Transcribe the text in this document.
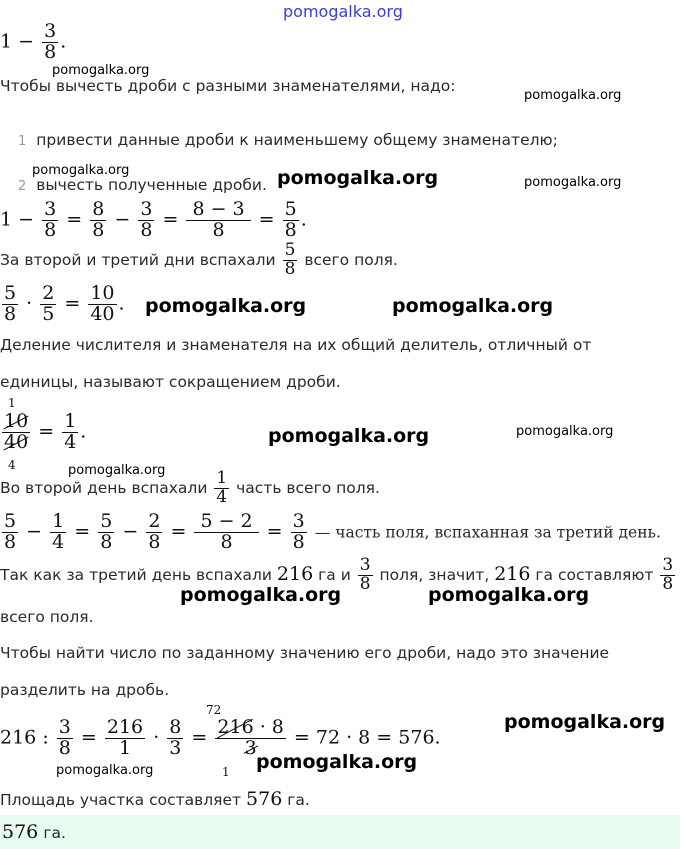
pomogalka.org
$1 - \frac{3}{8}$ .
pomogalka.org
Чтобы вычесть дроби с разными знаменателями, надо:
pomogalka.org
1 привести данные дроби к наименьшему общему знаменателю;
pomogalka.org
2 вычесть полученные дроби. pomogalka.org	pomogalka.org
$1 - \frac{3}{8} = \frac{8}{8} - \frac{3}{8} = \frac{8 - 3}{8} = \frac{5}{8}$ .
За второй и третий дни вспахали $\frac{5}{8}$ всего поля.
$\frac{5}{8} \cdot \frac{2}{5} = \frac{10}{40}$ . pomogalka.org	pomogalka.org
Деление числителя и знаменателя на их общий делитель, отличный от
единицы, называют сокращением дроби.
1
$\frac{10}{40} = \frac{1}{4}$ .
4
pomogalka.org	pomogalka.org
pomogalka.org
Во второй день вспахали $\frac{1}{4}$ часть всего поля.
$\frac{5}{8} - \frac{1}{4} = \frac{5}{8} - \frac{2}{8} = \frac{5 - 2}{8} = \frac{3}{8}$ — часть поля, вспаханная за третий день.
Так как за третий день вспахали 216 га и $\frac{3}{8}$ поля, значит, 216 га составляют $\frac{3}{8}$
pomogalka.org	pomogalka.org
всего поля.
Чтобы найти число по заданному значению его дроби, надо это значение
разделить на дробь.
72
216 : $\frac{3}{8} = \frac{216}{1} \cdot \frac{8}{3} = \frac{216 \cdot 8}{3} = 72 \cdot 8 = 576$.
1
pomogalka.org
pomogalka.org
pomogalka.org
Площадь участка составляет 576 га.
576 га.
